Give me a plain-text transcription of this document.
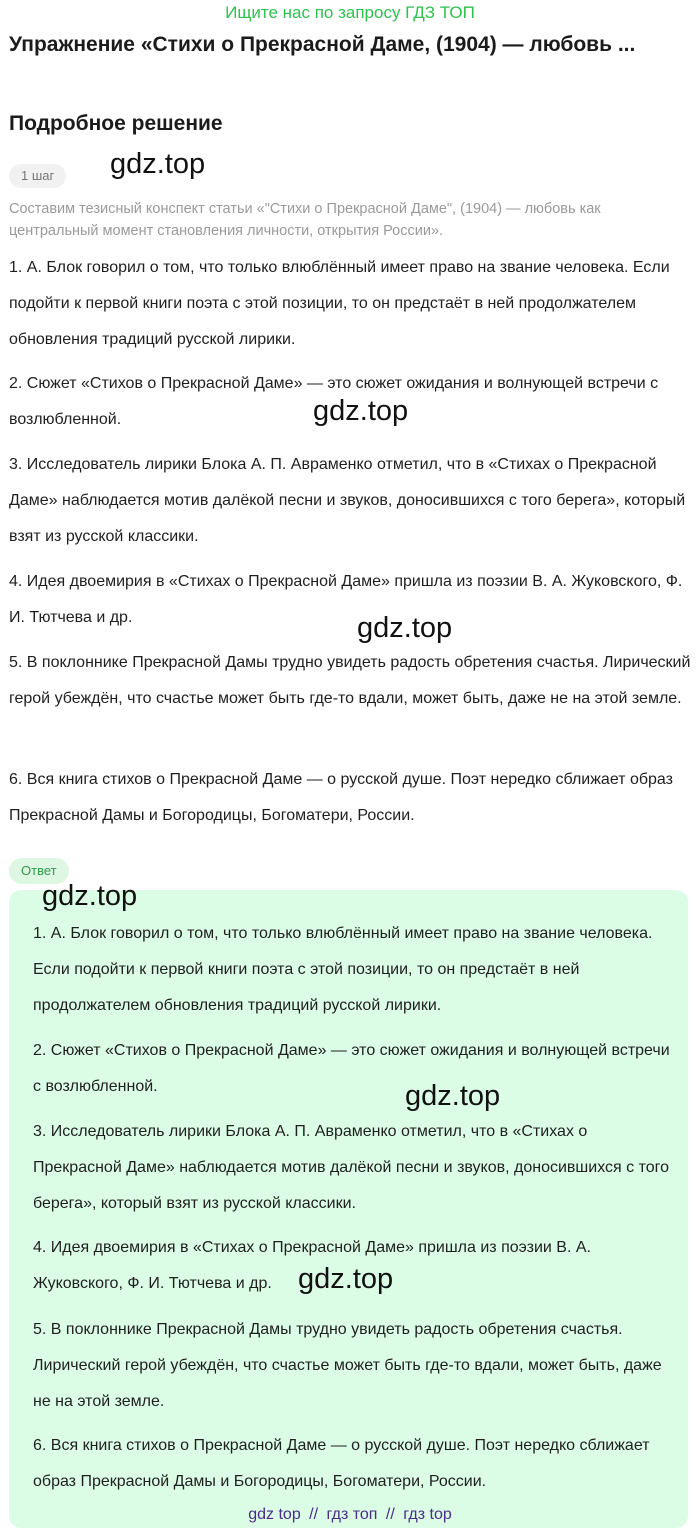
Ищите нас по запросу ГДЗ ТОП
Упражнение «Стихи о Прекрасной Даме, (1904) — любовь ...
Подробное решение
1 шаг

Составим тезисный конспект статьи «"Стихи о Прекрасной Даме", (1904) — любовь как центральный момент становления личности, открытия России».

1. А. Блок говорил о том, что только влюблённый имеет право на звание человека. Если подойти к первой книги поэта с этой позиции, то он предстаёт в ней продолжателем обновления традиций русской лирики.

2. Сюжет «Стихов о Прекрасной Даме» — это сюжет ожидания и волнующей встречи с возлюбленной.

3. Исследователь лирики Блока А. П. Авраменко отметил, что в «Стихах о Прекрасной Даме» наблюдается мотив далёкой песни и звуков, доносившихся с того берега», который взят из русской классики.

4. Идея двоемирия в «Стихах о Прекрасной Даме» пришла из поэзии В. А. Жуковского, Ф. И. Тютчева и др.

5. В поклоннике Прекрасной Дамы трудно увидеть радость обретения счастья. Лирический герой убеждён, что счастье может быть где-то вдали, может быть, даже не на этой земле.

6. Вся книга стихов о Прекрасной Даме — о русской душе. Поэт нередко сближает образ Прекрасной Дамы и Богородицы, Богоматери, России.

Ответ

1. А. Блок говорил о том, что только влюблённый имеет право на звание человека. Если подойти к первой книги поэта с этой позиции, то он предстаёт в ней продолжателем обновления традиций русской лирики.

2. Сюжет «Стихов о Прекрасной Даме» — это сюжет ожидания и волнующей встречи с возлюбленной.

3. Исследователь лирики Блока А. П. Авраменко отметил, что в «Стихах о Прекрасной Даме» наблюдается мотив далёкой песни и звуков, доносившихся с того берега», который взят из русской классики.

4. Идея двоемирия в «Стихах о Прекрасной Даме» пришла из поэзии В. А. Жуковского, Ф. И. Тютчева и др.

5. В поклоннике Прекрасной Дамы трудно увидеть радость обретения счастья. Лирический герой убеждён, что счастье может быть где-то вдали, может быть, даже не на этой земле.

6. Вся книга стихов о Прекрасной Даме — о русской душе. Поэт нередко сближает образ Прекрасной Дамы и Богородицы, Богоматери, России.

gdz.top
gdz.top
gdz.top
gdz.top
gdz.top
gdz.top
gdz top // гдз топ // гдз top
